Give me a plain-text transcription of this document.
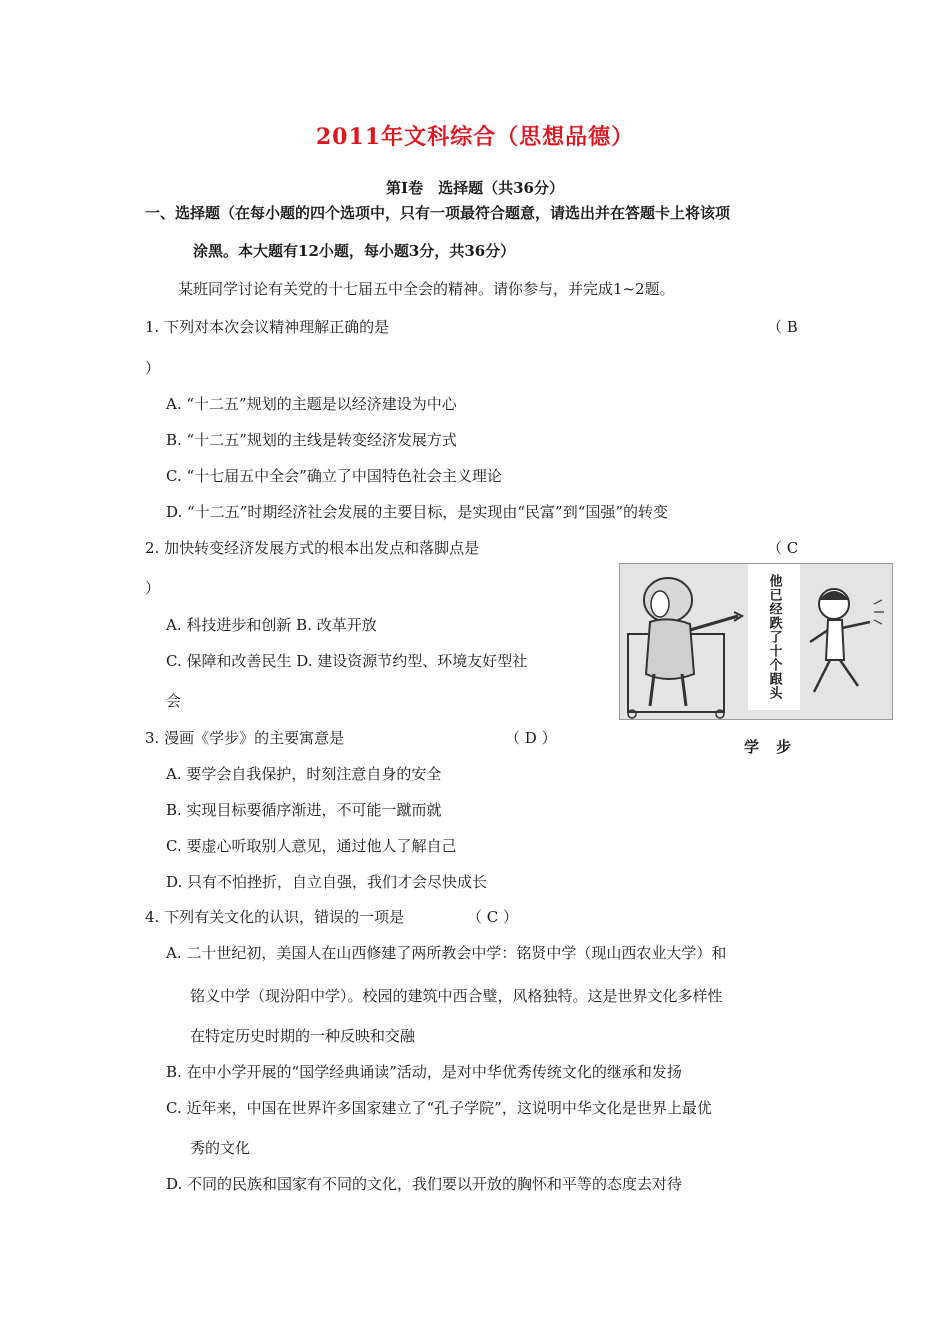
2011年文科综合（思想品德）
第Ⅰ卷　选择题（共36分）
一、选择题（在每小题的四个选项中，只有一项最符合题意，请选出并在答题卡上将该项
涂黑。本大题有12小题，每小题3分，共36分）
某班同学讨论有关党的十七届五中全会的精神。请你参与，并完成1~2题。
1. 下列对本次会议精神理解正确的是	（ B
）
A. “十二五”规划的主题是以经济建设为中心
B. “十二五”规划的主线是转变经济发展方式
C. “十七届五中全会”确立了中国特色社会主义理论
D. “十二五”时期经济社会发展的主要目标，是实现由“民富”到“国强”的转变
2. 加快转变经济发展方式的根本出发点和落脚点是	（ C
）
A. 科技进步和创新 B. 改革开放
C. 保障和改善民生 D. 建设资源节约型、环境友好型社
会
他已经跌了十个跟头
学 步
3. 漫画《学步》的主要寓意是	（ D ）
A. 要学会自我保护，时刻注意自身的安全
B. 实现目标要循序渐进，不可能一蹴而就
C. 要虚心听取别人意见，通过他人了解自己
D. 只有不怕挫折，自立自强，我们才会尽快成长
4. 下列有关文化的认识，错误的一项是	（ C ）
A. 二十世纪初，美国人在山西修建了两所教会中学：铭贤中学（现山西农业大学）和
铭义中学（现汾阳中学）。校园的建筑中西合璧，风格独特。这是世界文化多样性
在特定历史时期的一种反映和交融
B. 在中小学开展的“国学经典诵读”活动，是对中华优秀传统文化的继承和发扬
C. 近年来，中国在世界许多国家建立了“孔子学院”，这说明中华文化是世界上最优
秀的文化
D. 不同的民族和国家有不同的文化，我们要以开放的胸怀和平等的态度去对待
